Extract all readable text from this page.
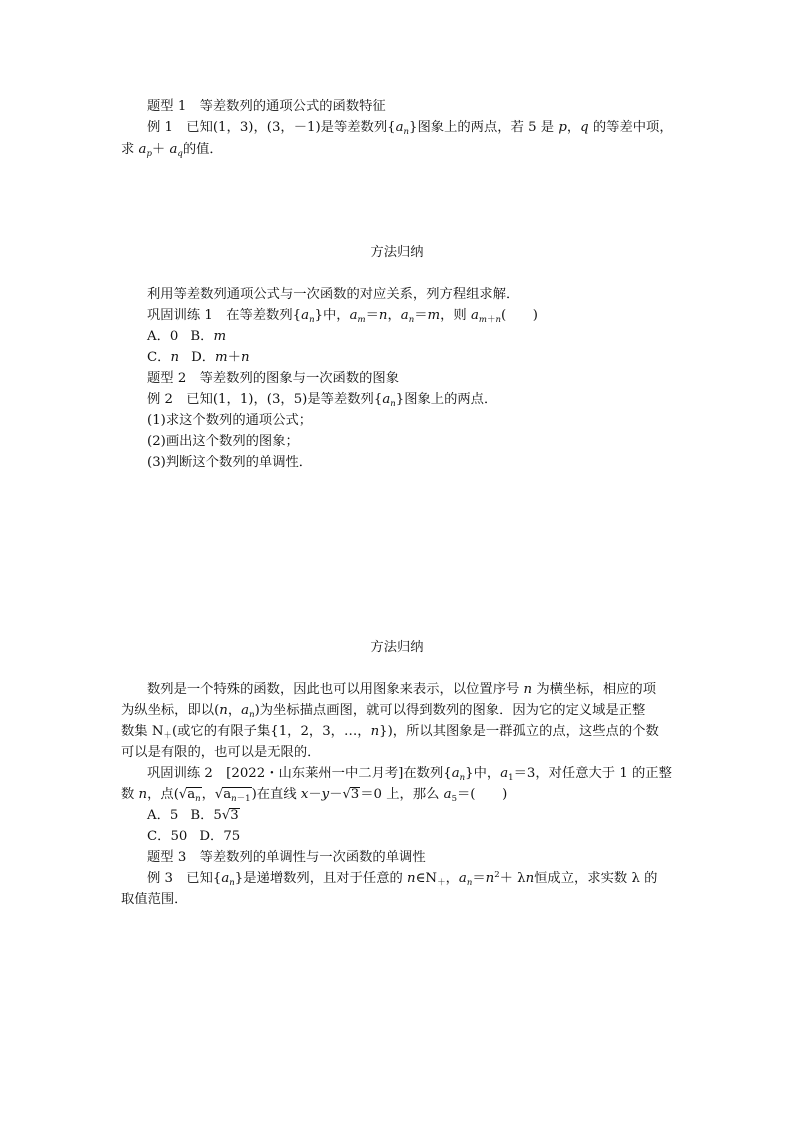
题型 1　等差数列的通项公式的函数特征
例 1　已知(1，3)，(3，－1)是等差数列$\{a_n\}$图象上的两点，若 5 是 p，q 的等差中项，
求 $a_p+ a_q$的值．
方法归纳
利用等差数列通项公式与一次函数的对应关系，列方程组求解．
巩固训练 1　在等差数列$\{a_n\}$中，$a_m=n$，$a_n=m$，则 $a_{m+n}$(　　)
A．0 B．m
C．n D．m＋n
题型 2　等差数列的图象与一次函数的图象
例 2　已知(1，1)，(3，5)是等差数列$\{a_n\}$图象上的两点．
(1)求这个数列的通项公式；
(2)画出这个数列的图象；
(3)判断这个数列的单调性．
方法归纳
数列是一个特殊的函数，因此也可以用图象来表示，以位置序号 n 为横坐标，相应的项
为纵坐标，即以(n，$a_n$)为坐标描点画图，就可以得到数列的图象．因为它的定义域是正整
数集 $N_+$(或它的有限子集{1，2，3，…，n})，所以其图象是一群孤立的点，这些点的个数
可以是有限的，也可以是无限的．
巩固训练 2　[2022・山东莱州一中二月考]在数列$\{a_n\}$中，$a_1=3$，对任意大于 1 的正整
数 n，点($√a_n$，$√a_{n-1}$)在直线 x－y－√3＝0 上，那么 $a_5=$(　　)
A．5 B．5√3
C．50 D．75
题型 3　等差数列的单调性与一次函数的单调性
例 3　已知$\{a_n\}$是递增数列，且对于任意的 $n\in N_+$，$a_n=n^2+ \lambda n$恒成立，求实数 λ 的
取值范围．
